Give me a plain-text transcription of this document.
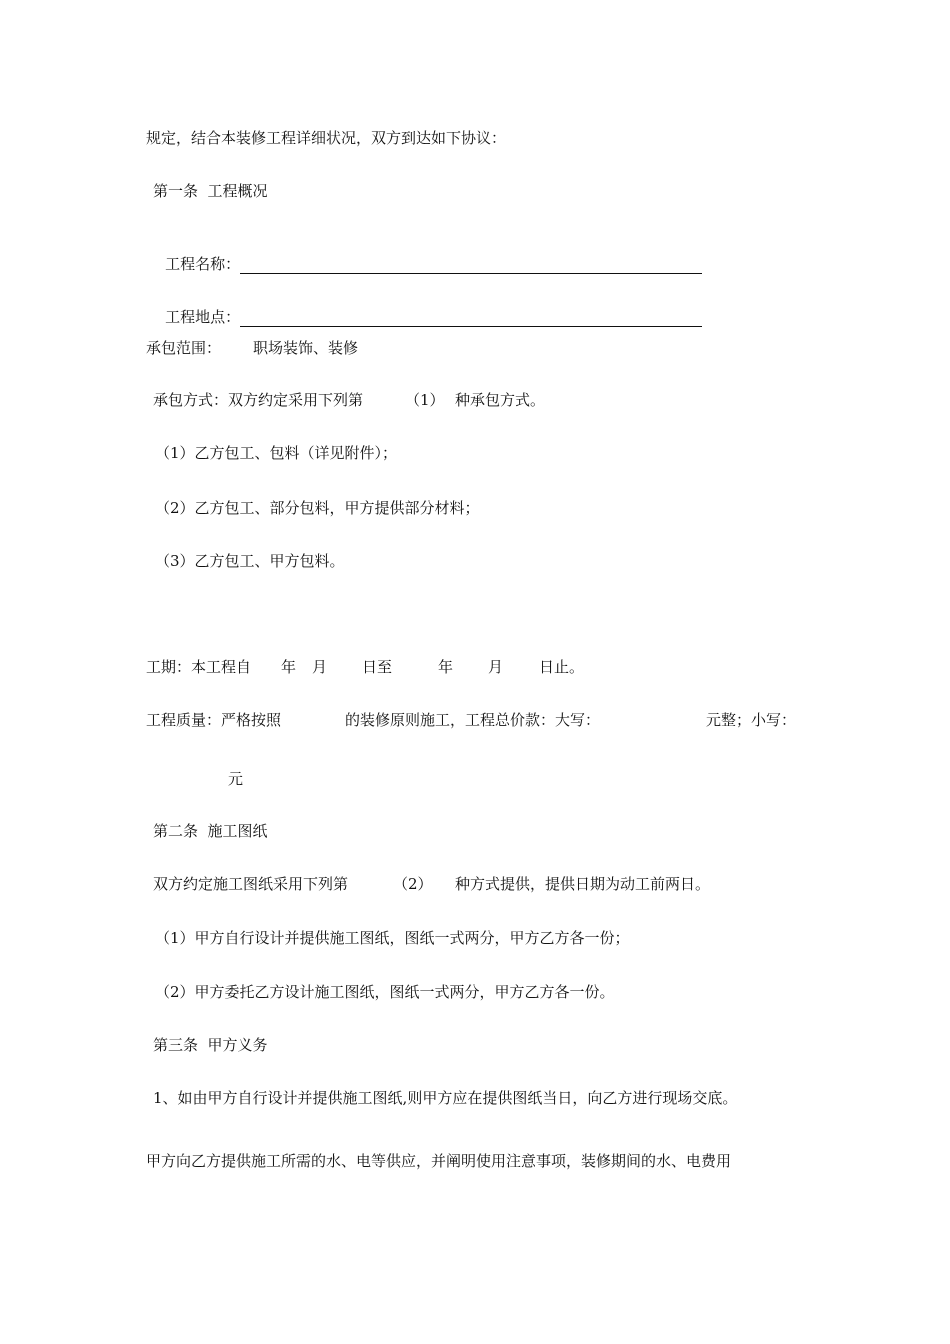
规定，结合本装修工程详细状况，双方到达如下协议：
第一条  工程概况

工程名称：

工程地点：

承包范围： 职场装饰、装修
承包方式：双方约定采用下列第	（1） 种承包方式。
（1）乙方包工、包料（详见附件）；
（2）乙方包工、部分包料，甲方提供部分材料；
（3）乙方包工、甲方包料。
工期：本工程自 年 月 日至	年 月 日止。
工程质量：严格按照	的装修原则施工，工程总价款：大写：	元整；小写：
元
第二条  施工图纸
双方约定施工图纸采用下列第	（2） 种方式提供，提供日期为动工前两日。
（1）甲方自行设计并提供施工图纸，图纸一式两分，甲方乙方各一份；
（2）甲方委托乙方设计施工图纸，图纸一式两分，甲方乙方各一份。
第三条  甲方义务
1、如由甲方自行设计并提供施工图纸,则甲方应在提供图纸当日，向乙方进行现场交底。
甲方向乙方提供施工所需的水、电等供应，并阐明使用注意事项，装修期间的水、电费用
